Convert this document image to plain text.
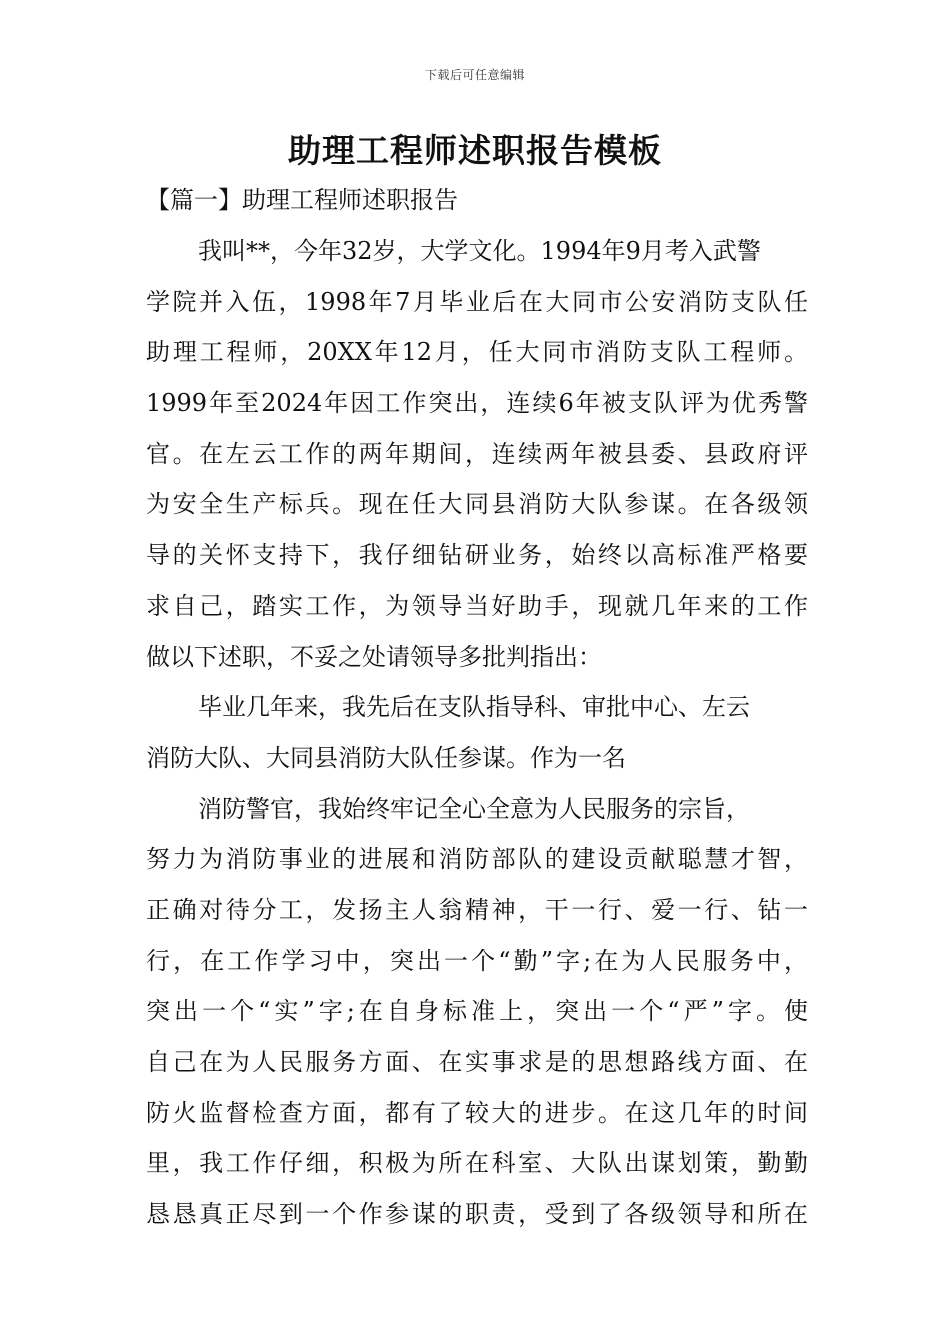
下载后可任意编辑
助理工程师述职报告模板
【篇一】助理工程师述职报告
我叫**，今年32岁，大学文化。1994年9月考入武警
学院并入伍，1998年7月毕业后在大同市公安消防支队任
助理工程师，20XX年12月，任大同市消防支队工程师。
1999年至2024年因工作突出，连续6年被支队评为优秀警
官。在左云工作的两年期间，连续两年被县委、县政府评
为安全生产标兵。现在任大同县消防大队参谋。在各级领
导的关怀支持下，我仔细钻研业务，始终以高标准严格要
求自己，踏实工作，为领导当好助手，现就几年来的工作
做以下述职，不妥之处请领导多批判指出：
毕业几年来，我先后在支队指导科、审批中心、左云
消防大队、大同县消防大队任参谋。作为一名
消防警官，我始终牢记全心全意为人民服务的宗旨，
努力为消防事业的进展和消防部队的建设贡献聪慧才智，
正确对待分工，发扬主人翁精神，干一行、爱一行、钻一
行，在工作学习中，突出一个“勤”字;在为人民服务中，
突出一个“实”字;在自身标准上，突出一个“严”字。使
自己在为人民服务方面、在实事求是的思想路线方面、在
防火监督检查方面，都有了较大的进步。在这几年的时间
里，我工作仔细，积极为所在科室、大队出谋划策，勤勤
恳恳真正尽到一个作参谋的职责，受到了各级领导和所在
